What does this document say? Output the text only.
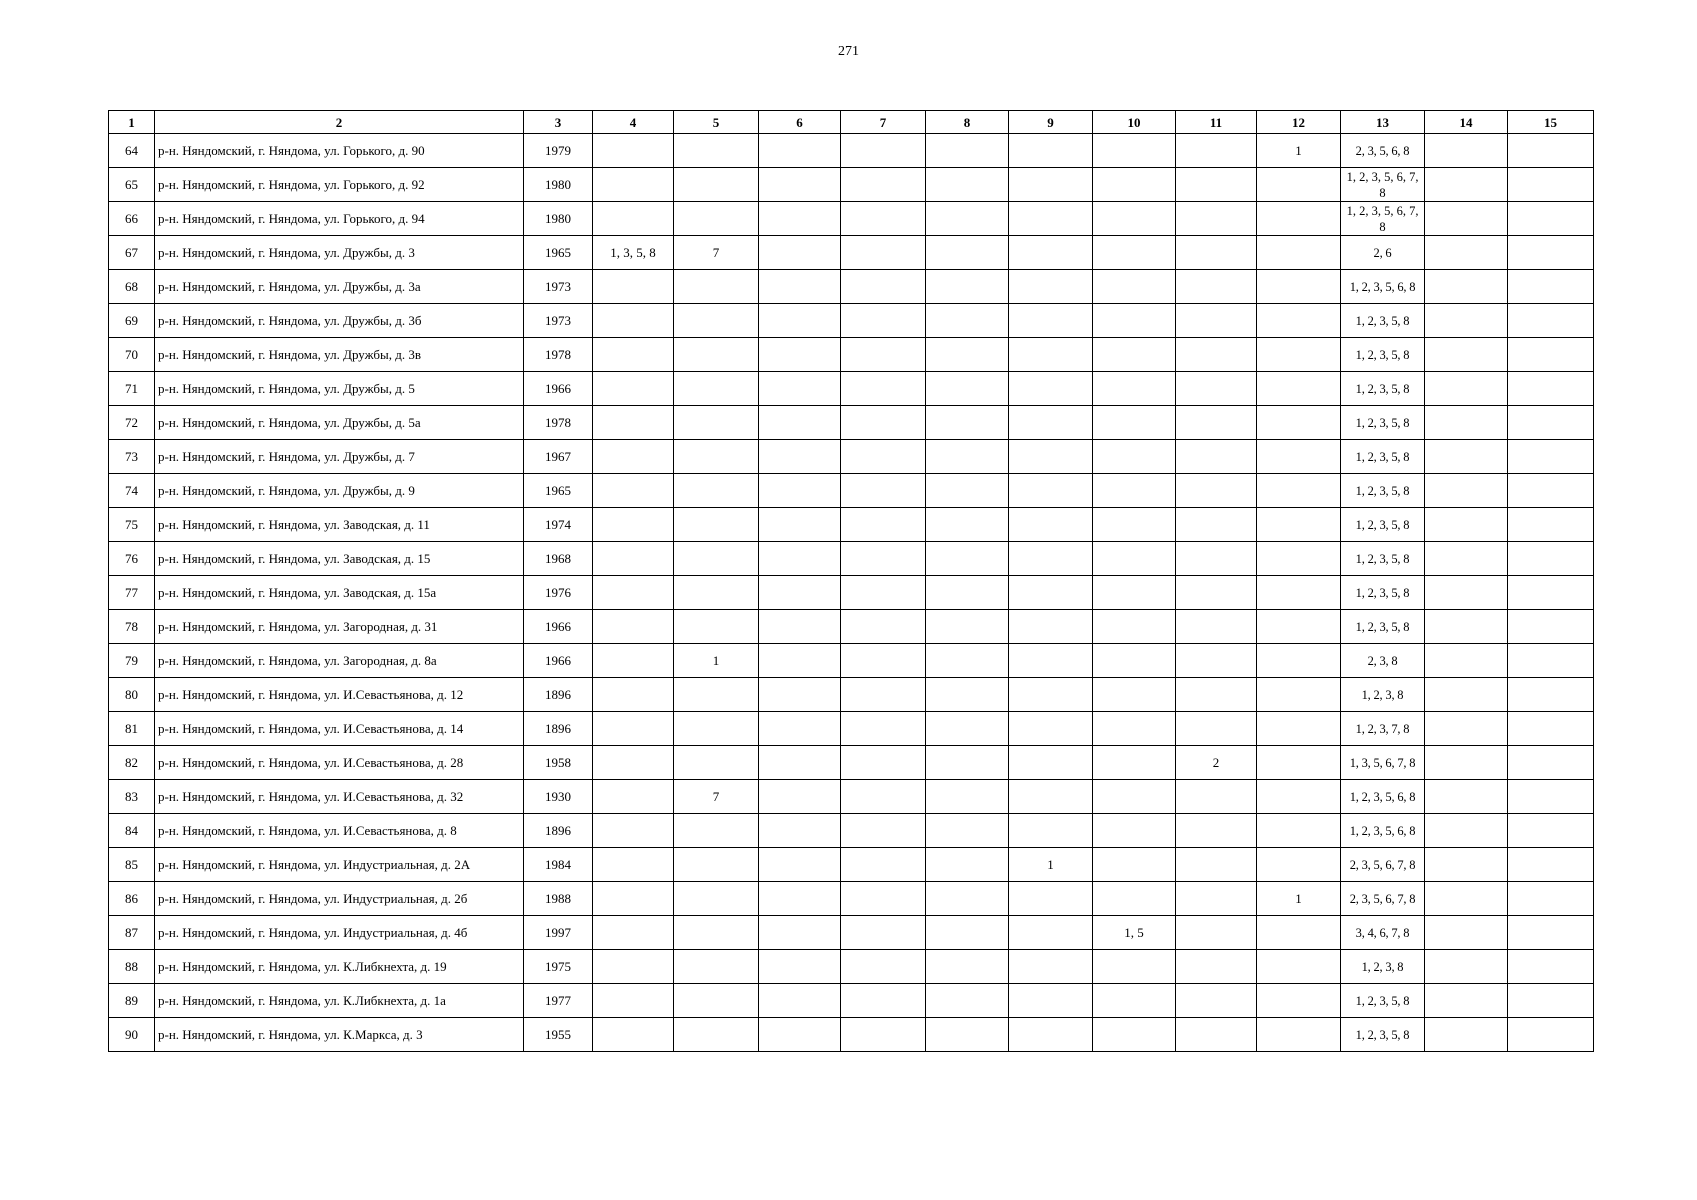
271
1	2	3	4	5	6	7	8	9	10	11	12	13	14	15
64	р-н. Няндомский, г. Няндома, ул. Горького, д. 90	1979									1	2, 3, 5, 6, 8		
65	р-н. Няндомский, г. Няндома, ул. Горького, д. 92	1980										1, 2, 3, 5, 6, 7, 8		
66	р-н. Няндомский, г. Няндома, ул. Горького, д. 94	1980										1, 2, 3, 5, 6, 7, 8		
67	р-н. Няндомский, г. Няндома, ул. Дружбы, д. 3	1965	1, 3, 5, 8	7								2, 6		
68	р-н. Няндомский, г. Няндома, ул. Дружбы, д. 3а	1973										1, 2, 3, 5, 6, 8		
69	р-н. Няндомский, г. Няндома, ул. Дружбы, д. 3б	1973										1, 2, 3, 5, 8		
70	р-н. Няндомский, г. Няндома, ул. Дружбы, д. 3в	1978										1, 2, 3, 5, 8		
71	р-н. Няндомский, г. Няндома, ул. Дружбы, д. 5	1966										1, 2, 3, 5, 8		
72	р-н. Няндомский, г. Няндома, ул. Дружбы, д. 5а	1978										1, 2, 3, 5, 8		
73	р-н. Няндомский, г. Няндома, ул. Дружбы, д. 7	1967										1, 2, 3, 5, 8		
74	р-н. Няндомский, г. Няндома, ул. Дружбы, д. 9	1965										1, 2, 3, 5, 8		
75	р-н. Няндомский, г. Няндома, ул. Заводская, д. 11	1974										1, 2, 3, 5, 8		
76	р-н. Няндомский, г. Няндома, ул. Заводская, д. 15	1968										1, 2, 3, 5, 8		
77	р-н. Няндомский, г. Няндома, ул. Заводская, д. 15а	1976										1, 2, 3, 5, 8		
78	р-н. Няндомский, г. Няндома, ул. Загородная, д. 31	1966										1, 2, 3, 5, 8		
79	р-н. Няндомский, г. Няндома, ул. Загородная, д. 8а	1966		1								2, 3, 8		
80	р-н. Няндомский, г. Няндома, ул. И.Севастьянова, д. 12	1896										1, 2, 3, 8		
81	р-н. Няндомский, г. Няндома, ул. И.Севастьянова, д. 14	1896										1, 2, 3, 7, 8		
82	р-н. Няндомский, г. Няндома, ул. И.Севастьянова, д. 28	1958								2		1, 3, 5, 6, 7, 8		
83	р-н. Няндомский, г. Няндома, ул. И.Севастьянова, д. 32	1930		7								1, 2, 3, 5, 6, 8		
84	р-н. Няндомский, г. Няндома, ул. И.Севастьянова, д. 8	1896										1, 2, 3, 5, 6, 8		
85	р-н. Няндомский, г. Няндома, ул. Индустриальная, д. 2А	1984						1				2, 3, 5, 6, 7, 8		
86	р-н. Няндомский, г. Няндома, ул. Индустриальная, д. 2б	1988									1	2, 3, 5, 6, 7, 8		
87	р-н. Няндомский, г. Няндома, ул. Индустриальная, д. 4б	1997							1, 5			3, 4, 6, 7, 8		
88	р-н. Няндомский, г. Няндома, ул. К.Либкнехта, д. 19	1975										1, 2, 3, 8		
89	р-н. Няндомский, г. Няндома, ул. К.Либкнехта, д. 1а	1977										1, 2, 3, 5, 8		
90	р-н. Няндомский, г. Няндома, ул. К.Маркса, д. 3	1955										1, 2, 3, 5, 8		
